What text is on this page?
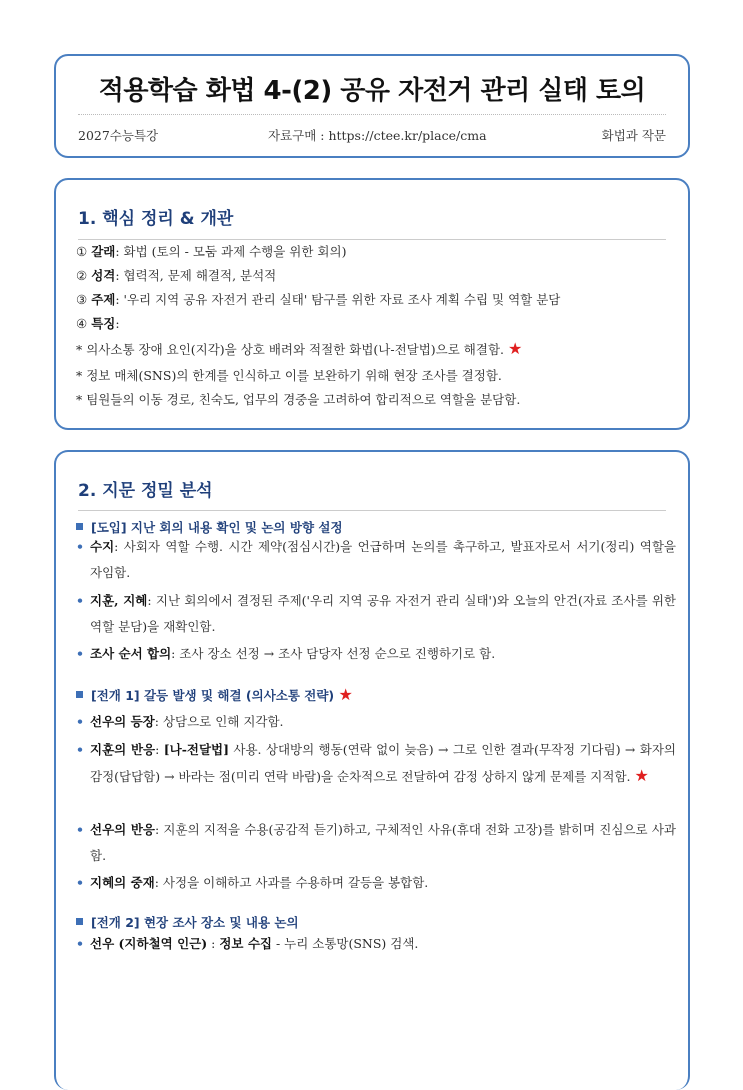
적용학습 화법 4-(2) 공유 자전거 관리 실태 토의
2027수능특강	자료구매 : https://ctee.kr/place/cma	화법과 작문
1. 핵심 정리 & 개관
① 갈래: 화법 (토의 - 모둠 과제 수행을 위한 회의)
② 성격: 협력적, 문제 해결적, 분석적
③ 주제: '우리 지역 공유 자전거 관리 실태' 탐구를 위한 자료 조사 계획 수립 및 역할 분담
④ 특징:
* 의사소통 장애 요인(지각)을 상호 배려와 적절한 화법(나-전달법)으로 해결함. ★
* 정보 매체(SNS)의 한계를 인식하고 이를 보완하기 위해 현장 조사를 결정함.
* 팀원들의 이동 경로, 친숙도, 업무의 경중을 고려하여 합리적으로 역할을 분담함.
2. 지문 정밀 분석
[도입] 지난 회의 내용 확인 및 논의 방향 설정
• 수지: 사회자 역할 수행. 시간 제약(점심시간)을 언급하며 논의를 촉구하고, 발표자로서 서기(정리) 역할을 자임함.
• 지훈, 지혜: 지난 회의에서 결정된 주제('우리 지역 공유 자전거 관리 실태')와 오늘의 안건(자료 조사를 위한 역할 분담)을 재확인함.
• 조사 순서 합의: 조사 장소 선정 → 조사 담당자 선정 순으로 진행하기로 함.
[전개 1] 갈등 발생 및 해결 (의사소통 전략) ★
• 선우의 등장: 상담으로 인해 지각함.
• 지훈의 반응: [나-전달법] 사용. 상대방의 행동(연락 없이 늦음) → 그로 인한 결과(무작정 기다림) → 화자의 감정(답답함) → 바라는 점(미리 연락 바람)을 순차적으로 전달하여 감정 상하지 않게 문제를 지적함. ★
• 선우의 반응: 지훈의 지적을 수용(공감적 듣기)하고, 구체적인 사유(휴대 전화 고장)를 밝히며 진심으로 사과함.
• 지혜의 중재: 사정을 이해하고 사과를 수용하며 갈등을 봉합함.
[전개 2] 현장 조사 장소 및 내용 논의
• 선우 (지하철역 인근) : 정보 수집 - 누리 소통망(SNS) 검색.
